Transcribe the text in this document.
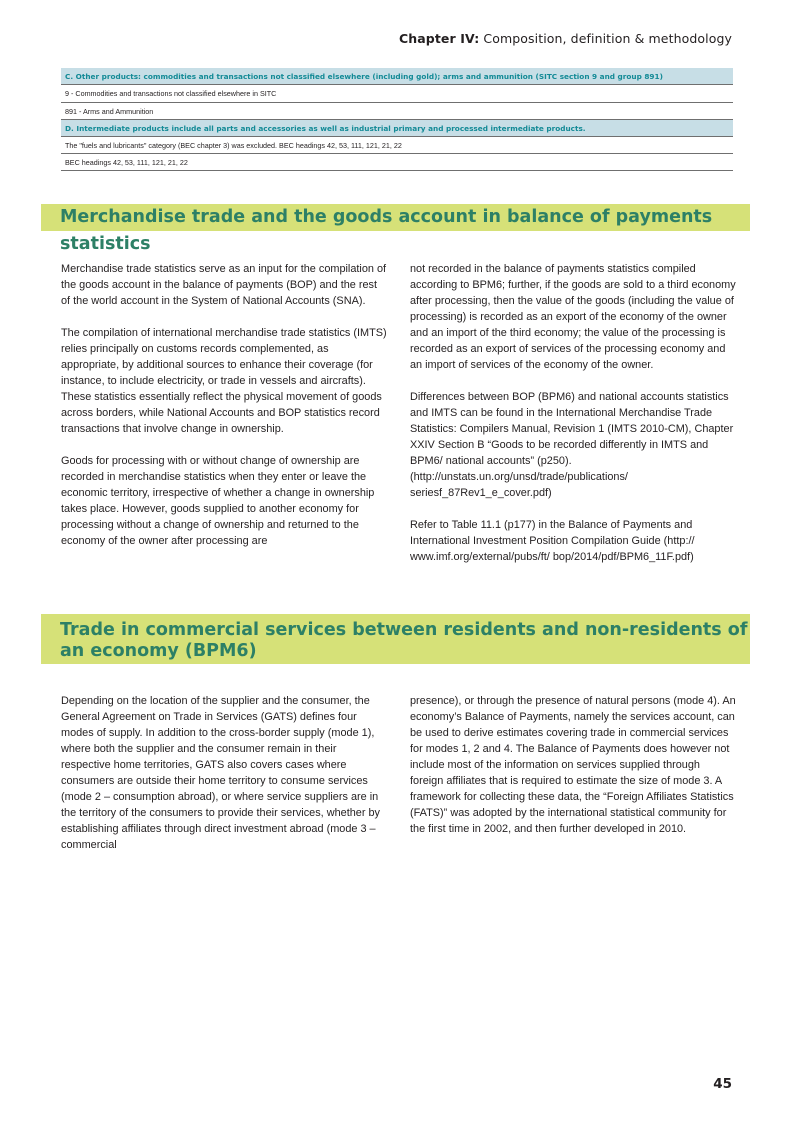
Chapter IV: Composition, definition & methodology
C. Other products: commodities and transactions not classified elsewhere (including gold); arms and ammunition (SITC section 9 and group 891)
9 - Commodities and transactions not classified elsewhere in SITC
891 - Arms and Ammunition
D. Intermediate products include all parts and accessories as well as industrial primary and processed intermediate products.
The "fuels and lubricants" category (BEC chapter 3) was excluded. BEC headings 42, 53, 111, 121, 21, 22
BEC headings 42, 53, 111, 121, 21, 22
Merchandise trade and the goods account in balance of payments statistics

Merchandise trade statistics serve as an input for the compilation of the goods account in the balance of payments (BOP) and the rest of the world account in the System of National Accounts (SNA).

The compilation of international merchandise trade statistics (IMTS) relies principally on customs records complemented, as appropriate, by additional sources to enhance their coverage (for instance, to include electricity, or trade in vessels and aircrafts). These statistics essentially reflect the physical movement of goods across borders, while National Accounts and BOP statistics record transactions that involve change in ownership.

Goods for processing with or without change of ownership are recorded in merchandise statistics when they enter or leave the economic territory, irrespective of whether a change in ownership takes place. However, goods supplied to another economy for processing without a change of ownership and returned to the economy of the owner after processing are

not recorded in the balance of payments statistics compiled according to BPM6; further, if the goods are sold to a third economy after processing, then the value of the goods (including the value of processing) is recorded as an export of the economy of the owner and an import of the third economy; the value of the processing is recorded as an export of services of the processing economy and an import of services of the economy of the owner.

Differences between BOP (BPM6) and national accounts statistics and IMTS can be found in the International Merchandise Trade Statistics: Compilers Manual, Revision 1 (IMTS 2010-CM), Chapter XXIV Section B “Goods to be recorded differently in IMTS and BPM6/ national accounts” (p250). (http://unstats.un.org/unsd/trade/publications/ seriesf_87Rev1_e_cover.pdf)

Refer to Table 11.1 (p177) in the Balance of Payments and International Investment Position Compilation Guide (http:// www.imf.org/external/pubs/ft/ bop/2014/pdf/BPM6_11F.pdf)

Trade in commercial services between residents and non-residents of an economy (BPM6)

Depending on the location of the supplier and the consumer, the General Agreement on Trade in Services (GATS) defines four modes of supply. In addition to the cross-border supply (mode 1), where both the supplier and the consumer remain in their respective home territories, GATS also covers cases where consumers are outside their home territory to consume services (mode 2 – consumption abroad), or where service suppliers are in the territory of the consumers to provide their services, whether by establishing affiliates through direct investment abroad (mode 3 – commercial

presence), or through the presence of natural persons (mode 4). An economy’s Balance of Payments, namely the services account, can be used to derive estimates covering trade in commercial services for modes 1, 2 and 4. The Balance of Payments does however not include most of the information on services supplied through foreign affiliates that is required to estimate the size of mode 3. A framework for collecting these data, the “Foreign Affiliates Statistics (FATS)” was adopted by the international statistical community for the first time in 2002, and then further developed in 2010.

45
